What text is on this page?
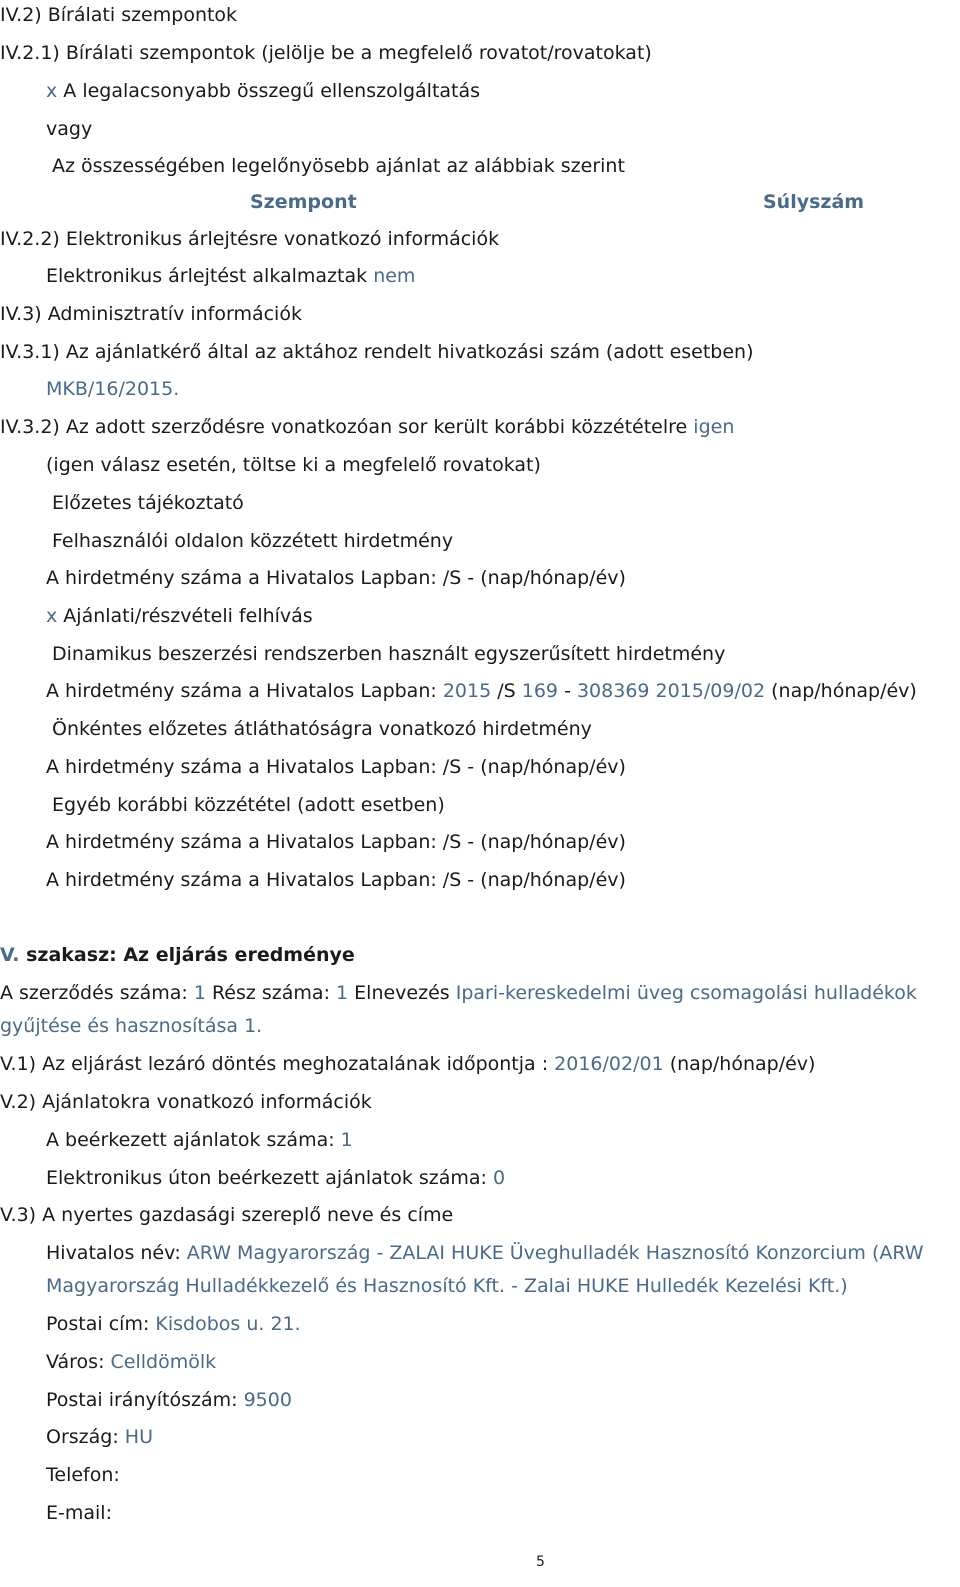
IV.2) Bírálati szempontok
IV.2.1) Bírálati szempontok (jelölje be a megfelelő rovatot/rovatokat)
x A legalacsonyabb összegű ellenszolgáltatás
vagy
Az összességében legelőnyösebb ajánlat az alábbiak szerint
Szempont	Súlyszám
IV.2.2) Elektronikus árlejtésre vonatkozó információk
Elektronikus árlejtést alkalmaztak nem
IV.3) Adminisztratív információk
IV.3.1) Az ajánlatkérő által az aktához rendelt hivatkozási szám (adott esetben)
MKB/16/2015.
IV.3.2) Az adott szerződésre vonatkozóan sor került korábbi közzétételre igen
(igen válasz esetén, töltse ki a megfelelő rovatokat)
Előzetes tájékoztató
Felhasználói oldalon közzétett hirdetmény
A hirdetmény száma a Hivatalos Lapban: /S - (nap/hónap/év)
x Ajánlati/részvételi felhívás
Dinamikus beszerzési rendszerben használt egyszerűsített hirdetmény
A hirdetmény száma a Hivatalos Lapban: 2015 /S 169 - 308369 2015/09/02 (nap/hónap/év)
Önkéntes előzetes átláthatóságra vonatkozó hirdetmény
A hirdetmény száma a Hivatalos Lapban: /S - (nap/hónap/év)
Egyéb korábbi közzététel (adott esetben)
A hirdetmény száma a Hivatalos Lapban: /S - (nap/hónap/év)
A hirdetmény száma a Hivatalos Lapban: /S - (nap/hónap/év)
V. szakasz: Az eljárás eredménye
A szerződés száma: 1 Rész száma: 1 Elnevezés Ipari-kereskedelmi üveg csomagolási hulladékok
gyűjtése és hasznosítása 1.
V.1) Az eljárást lezáró döntés meghozatalának időpontja : 2016/02/01 (nap/hónap/év)
V.2) Ajánlatokra vonatkozó információk
A beérkezett ajánlatok száma: 1
Elektronikus úton beérkezett ajánlatok száma: 0
V.3) A nyertes gazdasági szereplő neve és címe
Hivatalos név: ARW Magyarország - ZALAI HUKE Üveghulladék Hasznosító Konzorcium (ARW
Magyarország Hulladékkezelő és Hasznosító Kft. - Zalai HUKE Hulledék Kezelési Kft.)
Postai cím: Kisdobos u. 21.
Város: Celldömölk
Postai irányítószám: 9500
Ország: HU
Telefon:
E-mail:
5
